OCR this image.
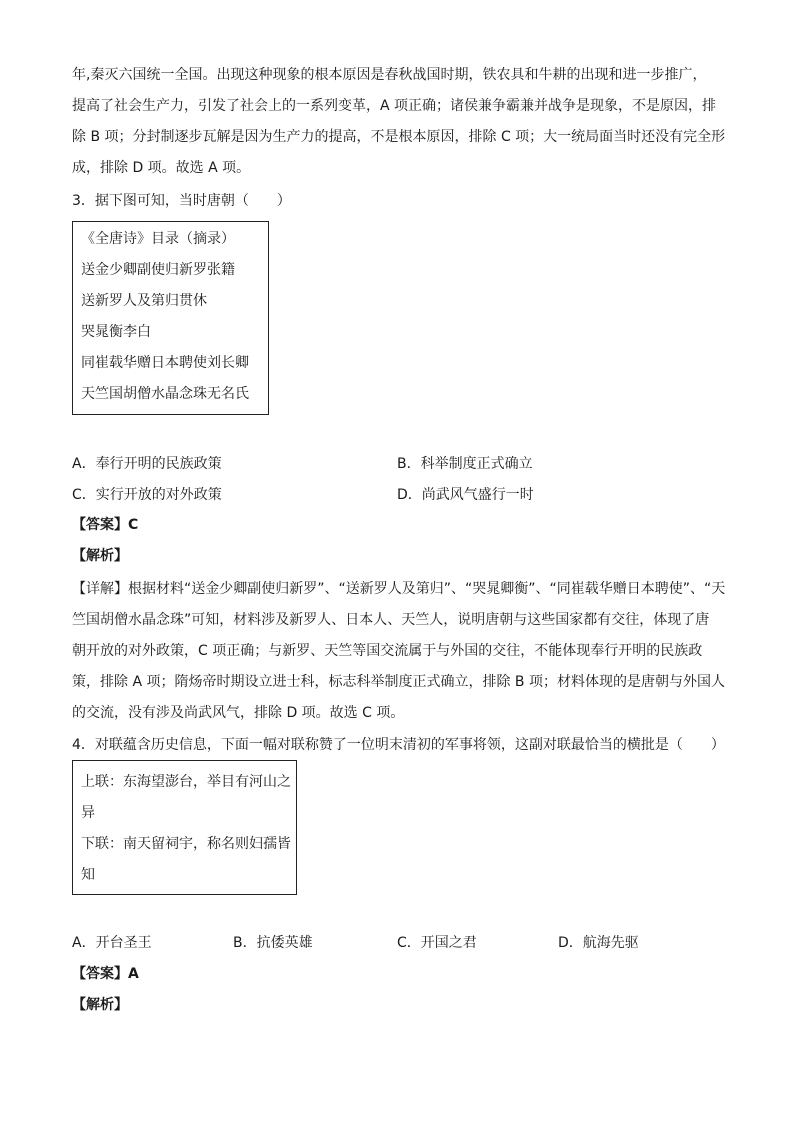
年,秦灭六国统一全国。出现这种现象的根本原因是春秋战国时期，铁农具和牛耕的出现和进一步推广，
提高了社会生产力，引发了社会上的一系列变革，A 项正确；诸侯兼争霸兼并战争是现象，不是原因，排
除 B 项；分封制逐步瓦解是因为生产力的提高，不是根本原因，排除 C 项；大一统局面当时还没有完全形
成，排除 D 项。故选 A 项。
3．据下图可知，当时唐朝（　　）
《全唐诗》目录（摘录）
送金少卿副使归新罗张籍
送新罗人及第归贯休
哭晁衡李白
同崔载华赠日本聘使刘长卿
天竺国胡僧水晶念珠无名氏
A．奉行开明的民族政策	B．科举制度正式确立
C．实行开放的对外政策	D．尚武风气盛行一时
【答案】C
【解析】
【详解】根据材料“送金少卿副使归新罗”、“送新罗人及第归”、“哭晁卿衡”、“同崔载华赠日本聘使”、“天
竺国胡僧水晶念珠”可知，材料涉及新罗人、日本人、天竺人，说明唐朝与这些国家都有交往，体现了唐
朝开放的对外政策，C 项正确；与新罗、天竺等国交流属于与外国的交往，不能体现奉行开明的民族政
策，排除 A 项；隋炀帝时期设立进士科，标志科举制度正式确立，排除 B 项；材料体现的是唐朝与外国人
的交流，没有涉及尚武风气，排除 D 项。故选 C 项。
4．对联蕴含历史信息，下面一幅对联称赞了一位明末清初的军事将领，这副对联最恰当的横批是（　　）
上联：东海望澎台，举目有河山之
异
下联：南天留祠宇，称名则妇孺皆
知
A．开台圣王	B．抗倭英雄	C．开国之君	D．航海先驱
【答案】A
【解析】
